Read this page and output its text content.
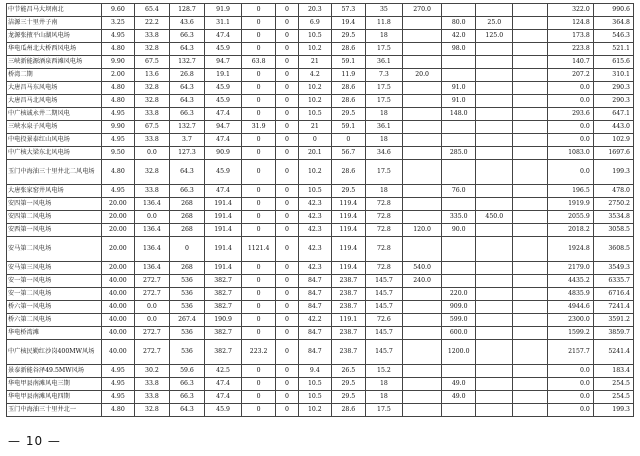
中节能昌马大坝南北	9.60	65.4	128.7	91.9	0	0	20.3	57.3	35	270.0				322.0	990.6
洁源三十里井子南	3.25	22.2	43.6	31.1	0	0	6.9	19.4	11.8		80.0	25.0		124.8	364.8
龙源张掖平山湖风电场	4.95	33.8	66.3	47.4	0	0	10.5	29.5	18		42.0	125.0		173.8	546.3
华电瓜州北大桥西风电场	4.80	32.8	64.3	45.9	0	0	10.2	28.6	17.5		98.0			223.8	521.1
三峡新能源酒泉西滩风电场	9.90	67.5	132.7	94.7	63.8	0	21	59.1	36.1					140.7	615.6
桥湾二期	2.00	13.6	26.8	19.1	0	0	4.2	11.9	7.3	20.0				207.2	310.1
大唐昌马东风电场	4.80	32.8	64.3	45.9	0	0	10.2	28.6	17.5		91.0			0.0	290.3
大唐昌马北风电场	4.80	32.8	64.3	45.9	0	0	10.2	28.6	17.5		91.0			0.0	290.3
中广核诚永井二期风电	4.95	33.8	66.3	47.4	0	0	10.5	29.5	18		148.0			293.6	647.1
三峡水泉子风电场	9.90	67.5	132.7	94.7	31.9	0	21	59.1	36.1					0.0	443.0
中电投景泰红山风电场	4.95	33.8	3.7	47.4	0	0	0	0	18					0.0	102.9
中广核大梁东北风电场	9.50	0.0	127.3	90.9	0	0	20.1	56.7	34.6		285.0			1083.0	1697.6
玉门中海油三十里井北二风电场	4.80	32.8	64.3	45.9	0	0	10.2	28.6	17.5					0.0	199.3
大唐张家窑井风电场	4.95	33.8	66.3	47.4	0	0	10.5	29.5	18		76.0			196.5	478.0
安四第一风电场	20.00	136.4	268	191.4	0	0	42.3	119.4	72.8					1919.9	2750.2
安四第二风电场	20.00	0.0	268	191.4	0	0	42.3	119.4	72.8		335.0	450.0		2055.9	3534.8
安西第一风电场	20.00	136.4	268	191.4	0	0	42.3	119.4	72.8	120.0	90.0			2018.2	3058.5
安马第二风电场	20.00	136.4	0	191.4	1121.4	0	42.3	119.4	72.8					1924.8	3608.5
安马第三风电场	20.00	136.4	268	191.4	0	0	42.3	119.4	72.8	540.0				2179.0	3549.3
安一第一风电场	40.00	272.7	536	382.7	0	0	84.7	238.7	145.7	240.0				4435.2	6335.7
安一第二风电场	40.00	272.7	536	382.7	0	0	84.7	238.7	145.7		220.0			4835.9	6716.4
桥六第一风电场	40.00	0.0	536	382.7	0	0	84.7	238.7	145.7		909.0			4944.6	7241.4
桥六第二风电场	40.00	0.0	267.4	190.9	0	0	42.2	119.1	72.6		599.0			2300.0	3591.2
华电桥湾滩	40.00	272.7	536	382.7	0	0	84.7	238.7	145.7		600.0			1599.2	3859.7
中广核民勤红沙岗400MW风场	40.00	272.7	536	382.7	223.2	0	84.7	238.7	145.7		1200.0			2157.7	5241.4
景泰新能谷泽49.5MW风场	4.95	30.2	59.6	42.5	0	0	9.4	26.5	15.2					0.0	183.4
华电甲县南滩风电三期	4.95	33.8	66.3	47.4	0	0	10.5	29.5	18		49.0			0.0	254.5
华电甲县南滩风电四期	4.95	33.8	66.3	47.4	0	0	10.5	29.5	18		49.0			0.0	254.5
玉门中海油三十里井北一	4.80	32.8	64.3	45.9	0	0	10.2	28.6	17.5					0.0	199.3
— 10 —
